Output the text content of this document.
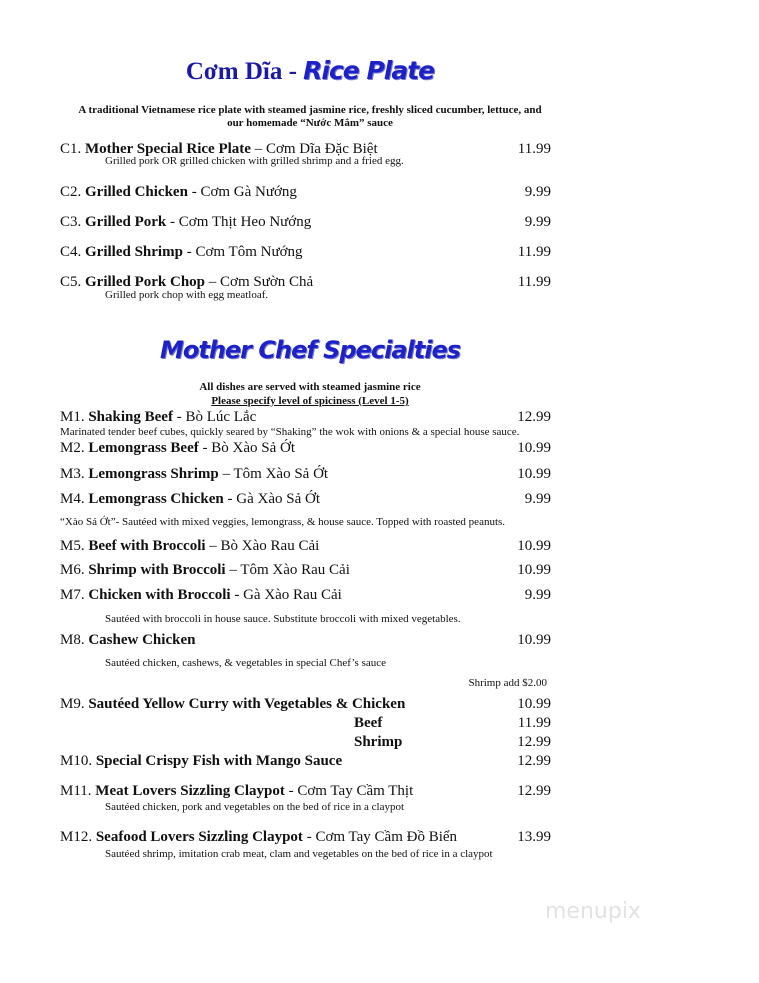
Cơm Dĩa - Rice Plate
A traditional Vietnamese rice plate with steamed jasmine rice, freshly sliced cucumber, lettuce, and
our homemade “Nước Mắm” sauce
Mother Chef Specialties
All dishes are served with steamed jasmine rice
Please specify level of spiciness (Level 1-5)
“Xào Sả Ớt”- Sautéed with mixed veggies, lemongrass, & house sauce. Topped with roasted peanuts.
Sautéed with broccoli in house sauce. Substitute broccoli with mixed vegetables.
Shrimp add $2.00
menupix
C1. Mother Special Rice Plate – Cơm Dĩa Đặc Biệt	11.99
Grilled pork OR grilled chicken with grilled shrimp and a fried egg.
C2. Grilled Chicken - Cơm Gà Nướng	9.99
C3. Grilled Pork - Cơm Thịt Heo Nướng	9.99
C4. Grilled Shrimp - Cơm Tôm Nướng	11.99
C5. Grilled Pork Chop – Cơm Sườn Chả	11.99
Grilled pork chop with egg meatloaf.
M1. Shaking Beef - Bò Lúc Lắc	12.99
Marinated tender beef cubes, quickly seared by “Shaking” the wok with onions & a special house sauce.
M2. Lemongrass Beef - Bò Xào Sả Ớt	10.99
M3. Lemongrass Shrimp – Tôm Xào Sả Ớt	10.99
M4. Lemongrass Chicken - Gà Xào Sả Ớt	9.99
M5. Beef with Broccoli – Bò Xào Rau Cải	10.99
M6. Shrimp with Broccoli – Tôm Xào Rau Cải	10.99
M7. Chicken with Broccoli - Gà Xào Rau Cải	9.99
M8. Cashew Chicken	10.99
Sautéed chicken, cashews, & vegetables in special Chef’s sauce
M9. Sautéed Yellow Curry with Vegetables & Chicken	10.99
Beef	11.99
Shrimp	12.99
M10. Special Crispy Fish with Mango Sauce	12.99
M11. Meat Lovers Sizzling Claypot - Cơm Tay Cầm Thịt	12.99
Sautéed chicken, pork and vegetables on the bed of rice in a claypot
M12. Seafood Lovers Sizzling Claypot - Cơm Tay Cầm Đồ Biển	13.99
Sautéed shrimp, imitation crab meat, clam and vegetables on the bed of rice in a claypot
